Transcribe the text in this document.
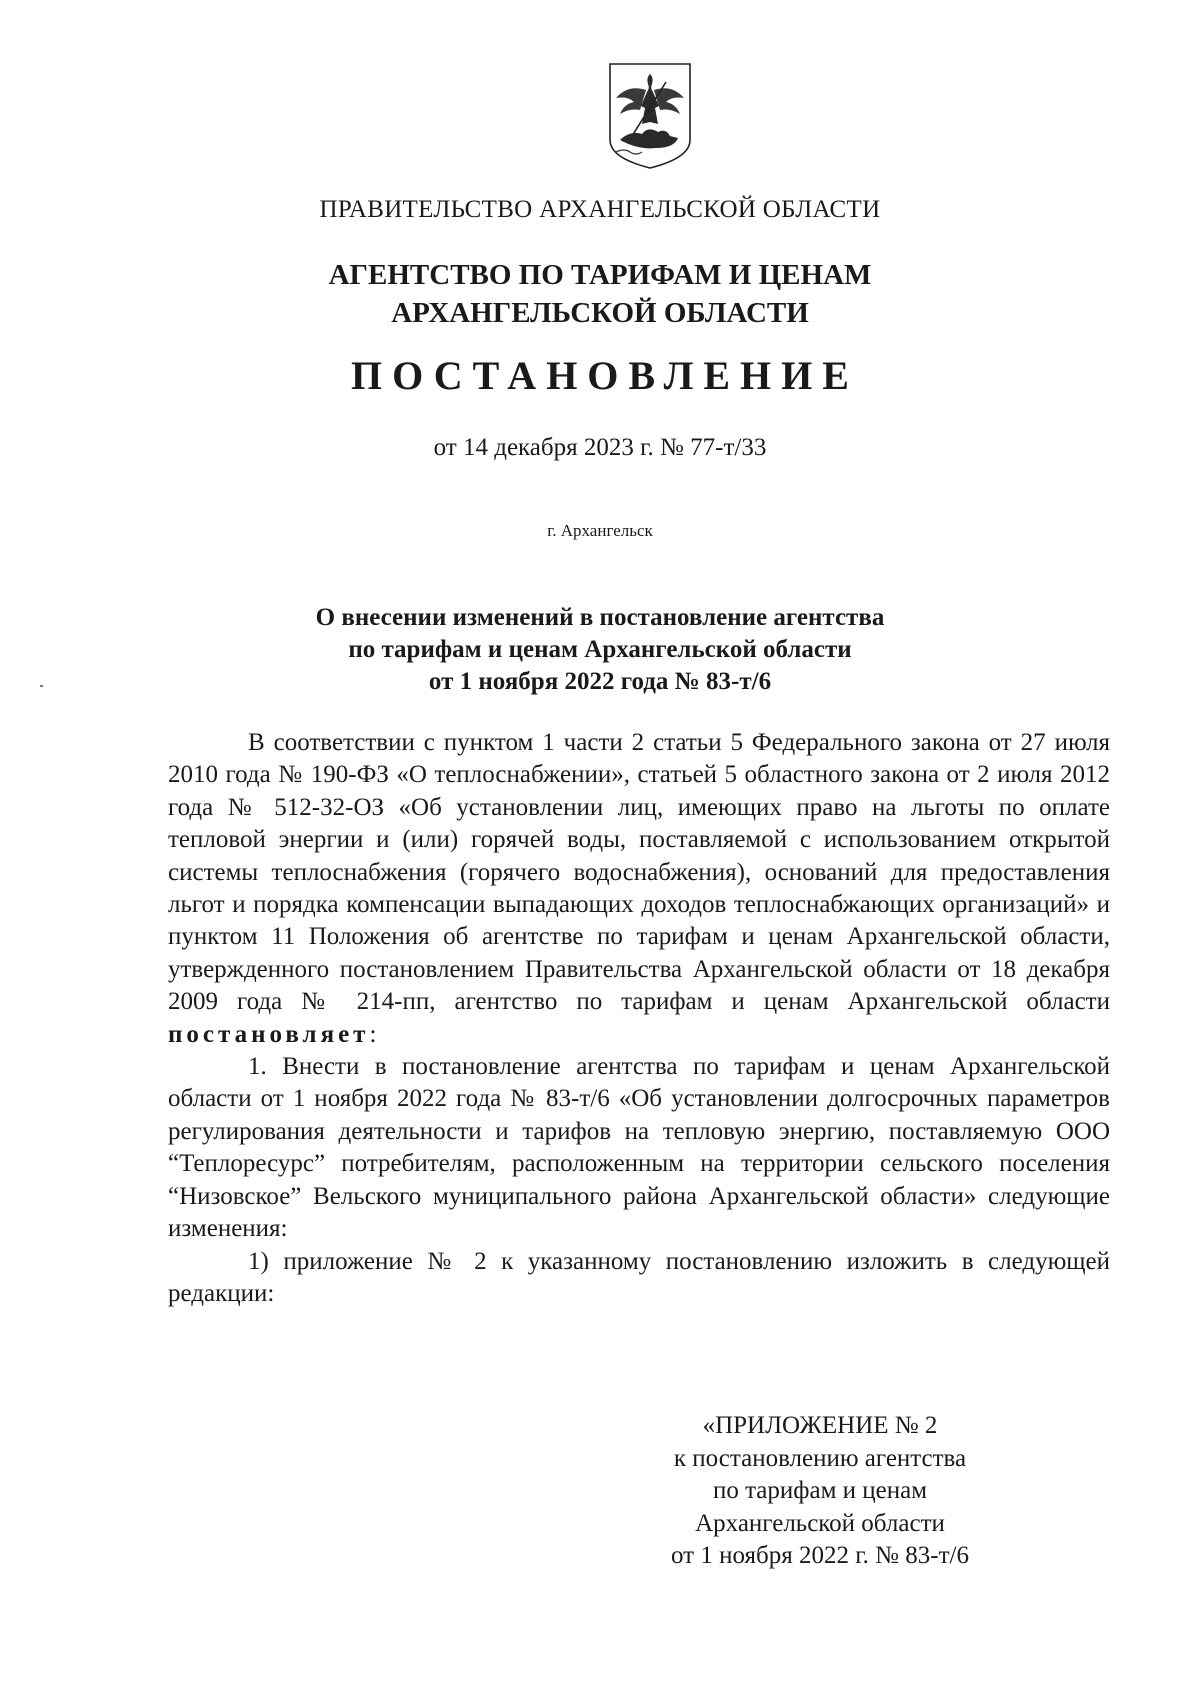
ПРАВИТЕЛЬСТВО АРХАНГЕЛЬСКОЙ ОБЛАСТИ
АГЕНТСТВО ПО ТАРИФАМ И ЦЕНАМ
АРХАНГЕЛЬСКОЙ ОБЛАСТИ
ПОСТАНОВЛЕНИЕ
от 14 декабря 2023 г. № 77-т/33
г. Архангельск
О внесении изменений в постановление агентства
по тарифам и ценам Архангельской области
от 1 ноября 2022 года № 83-т/6

В соответствии с пунктом 1 части 2 статьи 5 Федерального закона от 27 июля 2010 года № 190-ФЗ «О теплоснабжении», статьей 5 областного закона от 2 июля 2012 года № 512-32-ОЗ «Об установлении лиц, имеющих право на льготы по оплате тепловой энергии и (или) горячей воды, поставляемой с использованием открытой системы теплоснабжения (горячего водоснабжения), оснований для предоставления льгот и порядка компенсации выпадающих доходов теплоснабжающих организаций» и пунктом 11 Положения об агентстве по тарифам и ценам Архангельской области, утвержденного постановлением Правительства Архангельской области от 18 декабря 2009 года № 214-пп, агентство по тарифам и ценам Архангельской области постановляет:

1. Внести в постановление агентства по тарифам и ценам Архангельской области от 1 ноября 2022 года № 83-т/6 «Об установлении долгосрочных параметров регулирования деятельности и тарифов на тепловую энергию, поставляемую ООО “Теплоресурс” потребителям, расположенным на территории сельского поселения “Низовское” Вельского муниципального района Архангельской области» следующие изменения:

1) приложение № 2 к указанному постановлению изложить в следующей редакции:

«ПРИЛОЖЕНИЕ № 2
к постановлению агентства
по тарифам и ценам
Архангельской области
от 1 ноября 2022 г. № 83-т/6
